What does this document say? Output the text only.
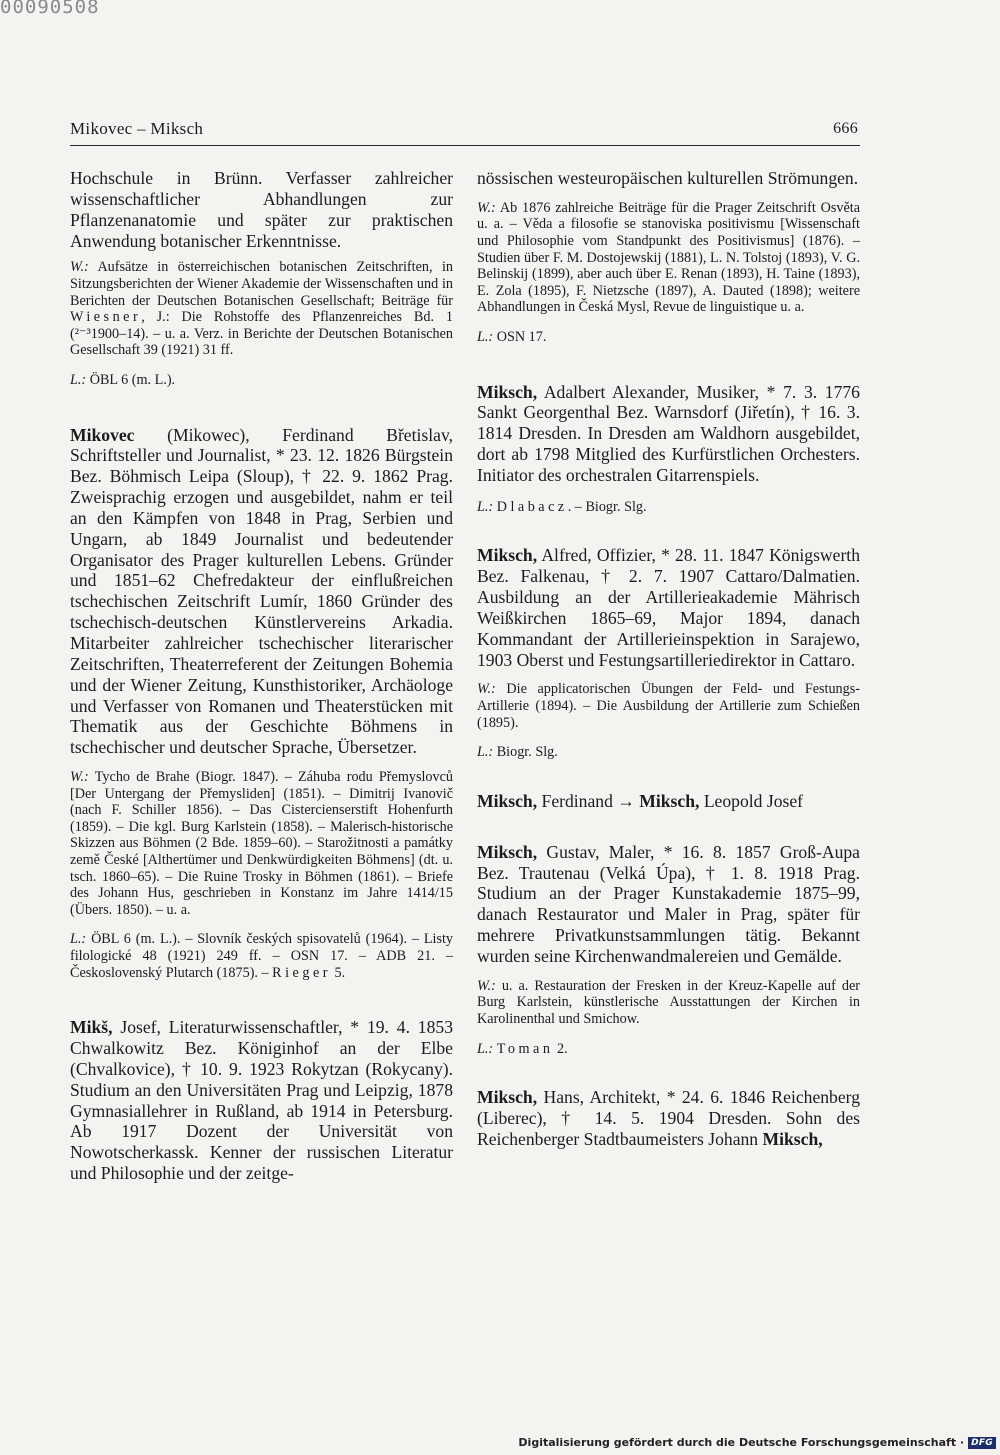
00090508
Mikovec – Miksch	666

Hochschule in Brünn. Verfasser zahlreicher wissenschaftlicher Abhandlungen zur Pflanzenanatomie und später zur praktischen Anwendung botanischer Erkenntnisse.

W.: Aufsätze in österreichischen botanischen Zeitschriften, in Sitzungsberichten der Wiener Akademie der Wissenschaften und in Berichten der Deutschen Botanischen Gesellschaft; Beiträge für Wiesner, J.: Die Rohstoffe des Pflanzenreiches Bd. 1 (²⁻³1900–14). – u. a. Verz. in Berichte der Deutschen Botanischen Gesellschaft 39 (1921) 31 ff.

L.: ÖBL 6 (m. L.).

Mikovec (Mikowec), Ferdinand Břetislav, Schriftsteller und Journalist, * 23. 12. 1826 Bürgstein Bez. Böhmisch Leipa (Sloup), † 22. 9. 1862 Prag. Zweisprachig erzogen und ausgebildet, nahm er teil an den Kämpfen von 1848 in Prag, Serbien und Ungarn, ab 1849 Journalist und bedeutender Organisator des Prager kulturellen Lebens. Gründer und 1851–62 Chefredakteur der einflußreichen tschechischen Zeitschrift Lumír, 1860 Gründer des tschechisch-deutschen Künstlervereins Arkadia. Mitarbeiter zahlreicher tschechischer literarischer Zeitschriften, Theaterreferent der Zeitungen Bohemia und der Wiener Zeitung, Kunsthistoriker, Archäologe und Verfasser von Romanen und Theaterstücken mit Thematik aus der Geschichte Böhmens in tschechischer und deutscher Sprache, Übersetzer.

W.: Tycho de Brahe (Biogr. 1847). – Záhuba rodu Přemyslovců [Der Untergang der Přemysliden] (1851). – Dimitrij Ivanovič (nach F. Schiller 1856). – Das Cistercienserstift Hohenfurth (1859). – Die kgl. Burg Karlstein (1858). – Malerisch-historische Skizzen aus Böhmen (2 Bde. 1859–60). – Starožitnosti a památky země České [Althertümer und Denkwürdigkeiten Böhmens] (dt. u. tsch. 1860–65). – Die Ruine Trosky in Böhmen (1861). – Briefe des Johann Hus, geschrieben in Konstanz im Jahre 1414/15 (Übers. 1850). – u. a.

L.: ÖBL 6 (m. L.). – Slovník českých spisovatelů (1964). – Listy filologické 48 (1921) 249 ff. – OSN 17. – ADB 21. – Československý Plutarch (1875). – Rieger 5.

Mikš, Josef, Literaturwissenschaftler, * 19. 4. 1853 Chwalkowitz Bez. Königinhof an der Elbe (Chvalkovice), † 10. 9. 1923 Rokytzan (Rokycany). Studium an den Universitäten Prag und Leipzig, 1878 Gymnasiallehrer in Rußland, ab 1914 in Petersburg. Ab 1917 Dozent der Universität von Nowotscherkassk. Kenner der russischen Literatur und Philosophie und der zeitge-

nössischen westeuropäischen kulturellen Strömungen.

W.: Ab 1876 zahlreiche Beiträge für die Prager Zeitschrift Osvěta u. a. – Věda a filosofie se stanoviska positivismu [Wissenschaft und Philosophie vom Standpunkt des Positivismus] (1876). – Studien über F. M. Dostojewskij (1881), L. N. Tolstoj (1893), V. G. Belinskij (1899), aber auch über E. Renan (1893), H. Taine (1893), E. Zola (1895), F. Nietzsche (1897), A. Dauted (1898); weitere Abhandlungen in Česká Mysl, Revue de linguistique u. a.

L.: OSN 17.

Miksch, Adalbert Alexander, Musiker, * 7. 3. 1776 Sankt Georgenthal Bez. Warnsdorf (Jiřetín), † 16. 3. 1814 Dresden. In Dresden am Waldhorn ausgebildet, dort ab 1798 Mitglied des Kurfürstlichen Orchesters. Initiator des orchestralen Gitarrenspiels.

L.: Dlabacz. – Biogr. Slg.

Miksch, Alfred, Offizier, * 28. 11. 1847 Königswerth Bez. Falkenau, † 2. 7. 1907 Cattaro/Dalmatien. Ausbildung an der Artillerieakademie Mährisch Weißkirchen 1865–69, Major 1894, danach Kommandant der Artillerieinspektion in Sarajewo, 1903 Oberst und Festungsartilleriedirektor in Cattaro.

W.: Die applicatorischen Übungen der Feld- und Festungs-Artillerie (1894). – Die Ausbildung der Artillerie zum Schießen (1895).

L.: Biogr. Slg.

Miksch, Ferdinand → Miksch, Leopold Josef

Miksch, Gustav, Maler, * 16. 8. 1857 Groß-Aupa Bez. Trautenau (Velká Úpa), † 1. 8. 1918 Prag. Studium an der Prager Kunstakademie 1875–99, danach Restaurator und Maler in Prag, später für mehrere Privatkunstsammlungen tätig. Bekannt wurden seine Kirchenwandmalereien und Gemälde.

W.: u. a. Restauration der Fresken in der Kreuz-Kapelle auf der Burg Karlstein, künstlerische Ausstattungen der Kirchen in Karolinenthal und Smichow.

L.: Toman 2.

Miksch, Hans, Architekt, * 24. 6. 1846 Reichenberg (Liberec), † 14. 5. 1904 Dresden. Sohn des Reichenberger Stadtbaumeisters Johann Miksch,

Digitalisierung gefördert durch die Deutsche Forschungsgemeinschaft · DFG
